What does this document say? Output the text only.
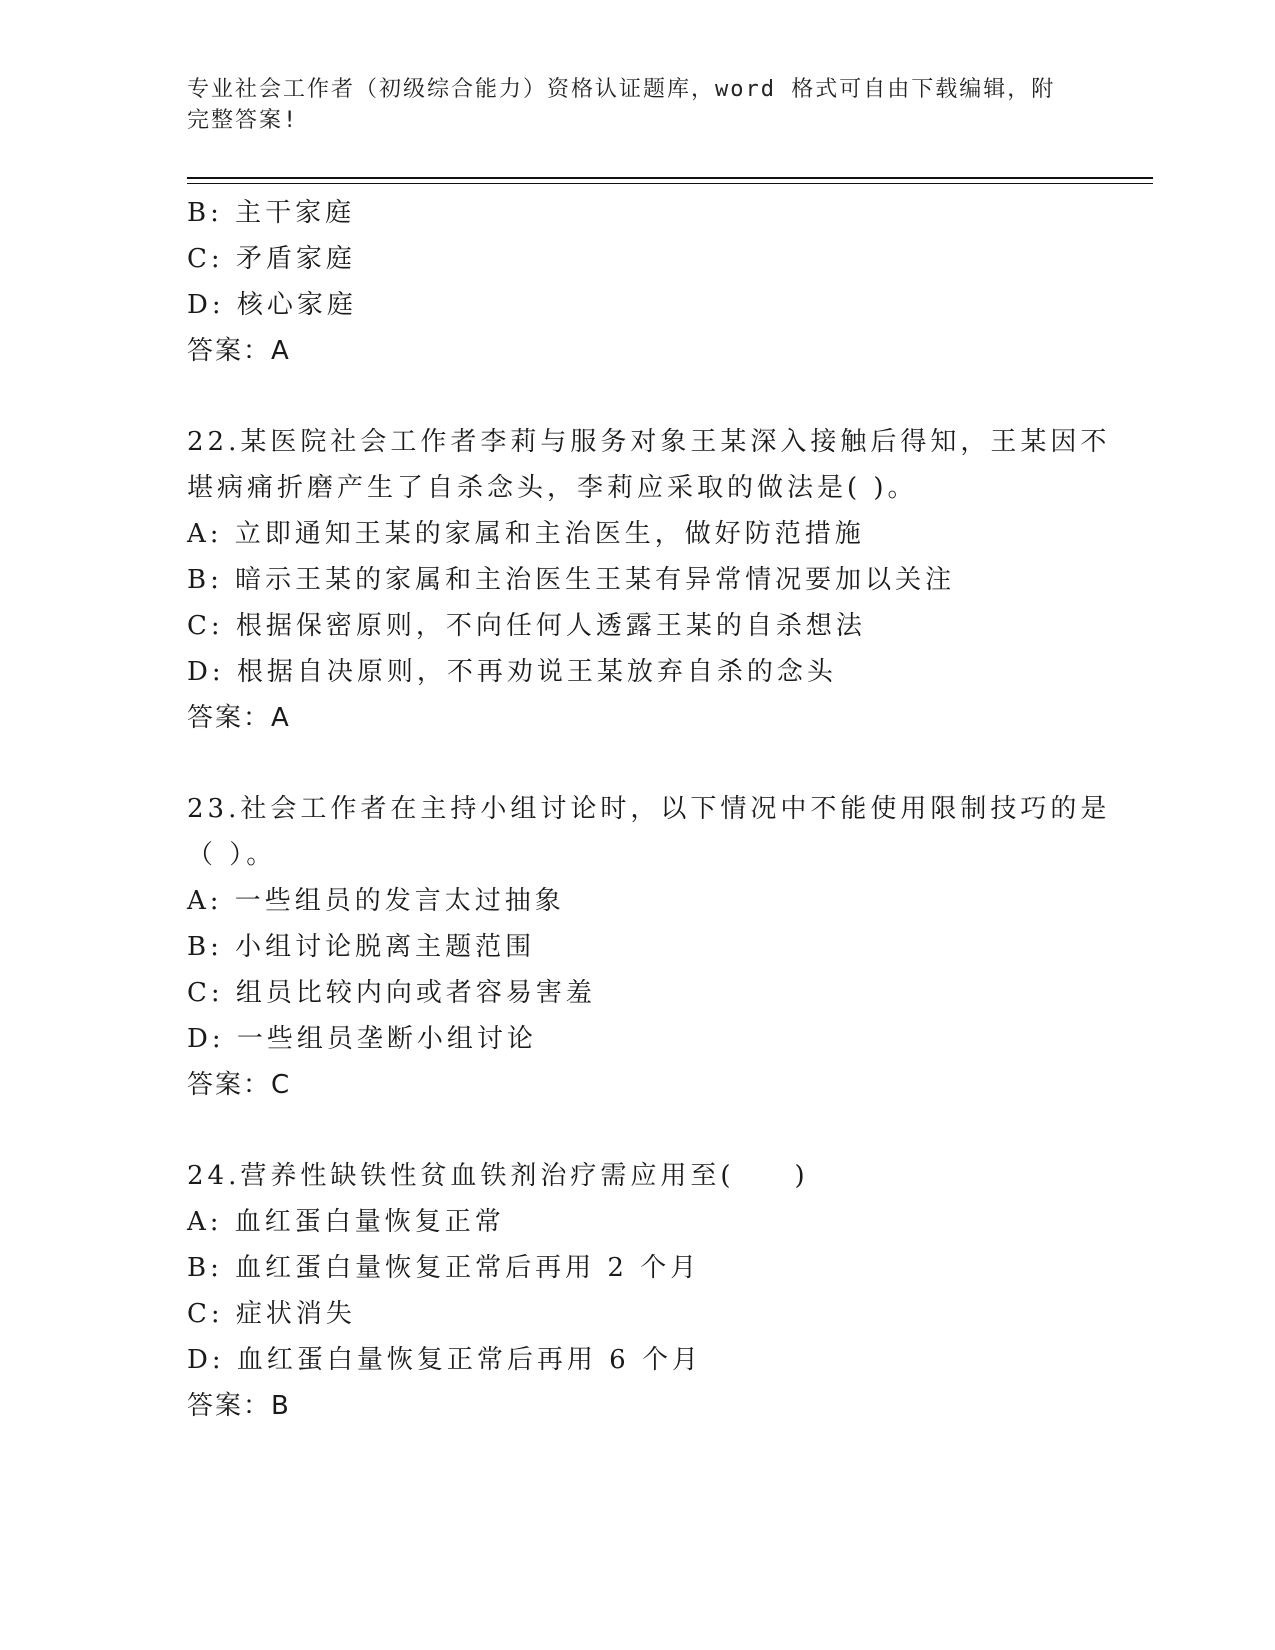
专业社会工作者（初级综合能力）资格认证题库，word 格式可自由下载编辑，附
完整答案!
B: 主干家庭
C: 矛盾家庭
D: 核心家庭
答案：A
22.某医院社会工作者李莉与服务对象王某深入接触后得知，王某因不
堪病痛折磨产生了自杀念头，李莉应采取的做法是( )。
A: 立即通知王某的家属和主治医生，做好防范措施
B: 暗示王某的家属和主治医生王某有异常情况要加以关注
C: 根据保密原则，不向任何人透露王某的自杀想法
D: 根据自决原则，不再劝说王某放弃自杀的念头
答案：A
23.社会工作者在主持小组讨论时，以下情况中不能使用限制技巧的是
（ ）。
A: 一些组员的发言太过抽象
B: 小组讨论脱离主题范围
C: 组员比较内向或者容易害羞
D: 一些组员垄断小组讨论
答案：C
24.营养性缺铁性贫血铁剂治疗需应用至(　　)
A: 血红蛋白量恢复正常
B: 血红蛋白量恢复正常后再用 2 个月
C: 症状消失
D: 血红蛋白量恢复正常后再用 6 个月
答案：B
